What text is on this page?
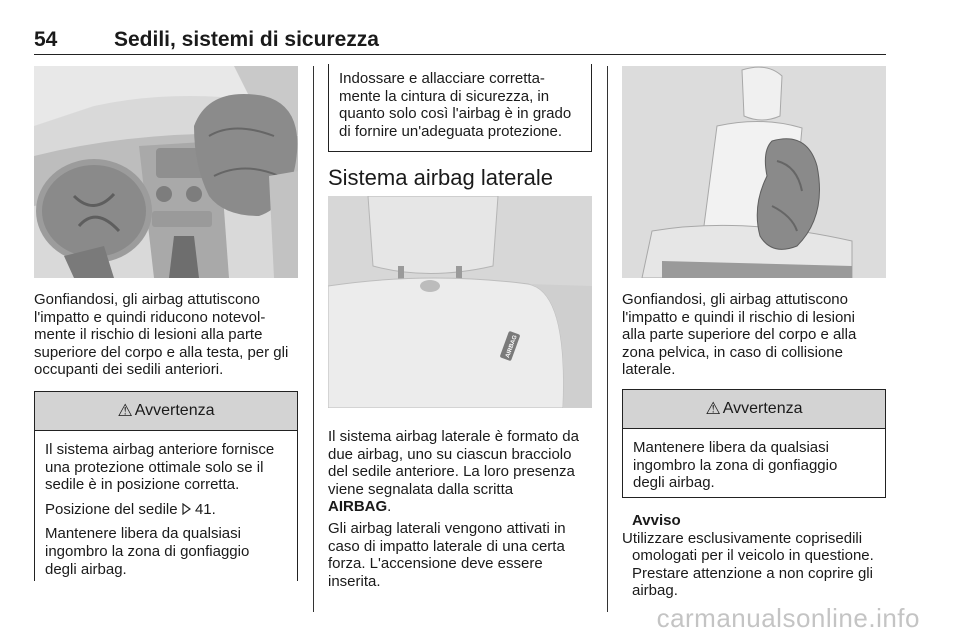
54	Sedili, sistemi di sicurezza

Gonfiandosi, gli airbag attutiscono

l'impatto e quindi riducono notevol-

mente il rischio di lesioni alla parte

superiore del corpo e alla testa, per gli

occupanti dei sedili anteriori.

⚠ Avvertenza

Il sistema airbag anteriore fornisce
una protezione ottimale solo se il
sedile è in posizione corretta.

Posizione del sedile  41.

Mantenere libera da qualsiasi
ingombro la zona di gonfiaggio
degli airbag.

Indossare e allacciare corretta-
mente la cintura di sicurezza, in
quanto solo così l'airbag è in grado
di fornire un'adeguata protezione.

Sistema airbag laterale
AIRBAG

Il sistema airbag laterale è formato da

due airbag, uno su ciascun bracciolo

del sedile anteriore. La loro presenza

viene segnalata dalla scritta

AIRBAG.

Gli airbag laterali vengono attivati in

caso di impatto laterale di una certa

forza. L'accensione deve essere

inserita.

Gonfiandosi, gli airbag attutiscono

l'impatto e quindi il rischio di lesioni

alla parte superiore del corpo e alla

zona pelvica, in caso di collisione

laterale.

⚠ Avvertenza

Mantenere libera da qualsiasi
ingombro la zona di gonfiaggio
degli airbag.

Avviso

Utilizzare esclusivamente coprisedili

omologati per il veicolo in questione.

Prestare attenzione a non coprire gli

airbag.

carmanualsonline.info
